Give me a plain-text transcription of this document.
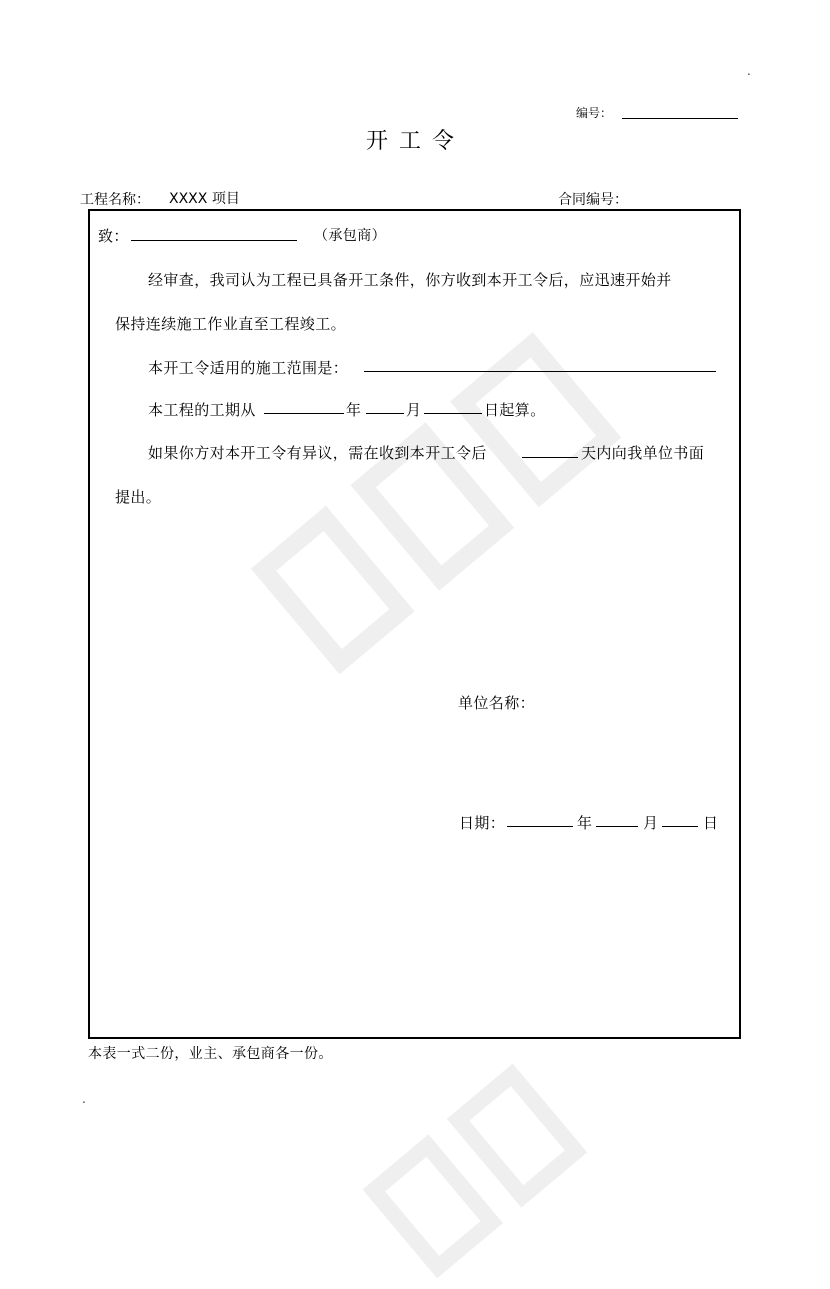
.
.
编号：
开 工 令
工程名称： XXXX 项目	合同编号：
致：	（承包商）
经审查，我司认为工程已具备开工条件，你方收到本开工令后，应迅速开始并
保持连续施工作业直至工程竣工。
本开工令适用的施工范围是：
本工程的工期从	年	月	日起算。
如果你方对本开工令有异议，需在收到本开工令后	天内向我单位书面
提出。
单位名称：
日期：	年	月	日
本表一式二份，业主、承包商各一份。
